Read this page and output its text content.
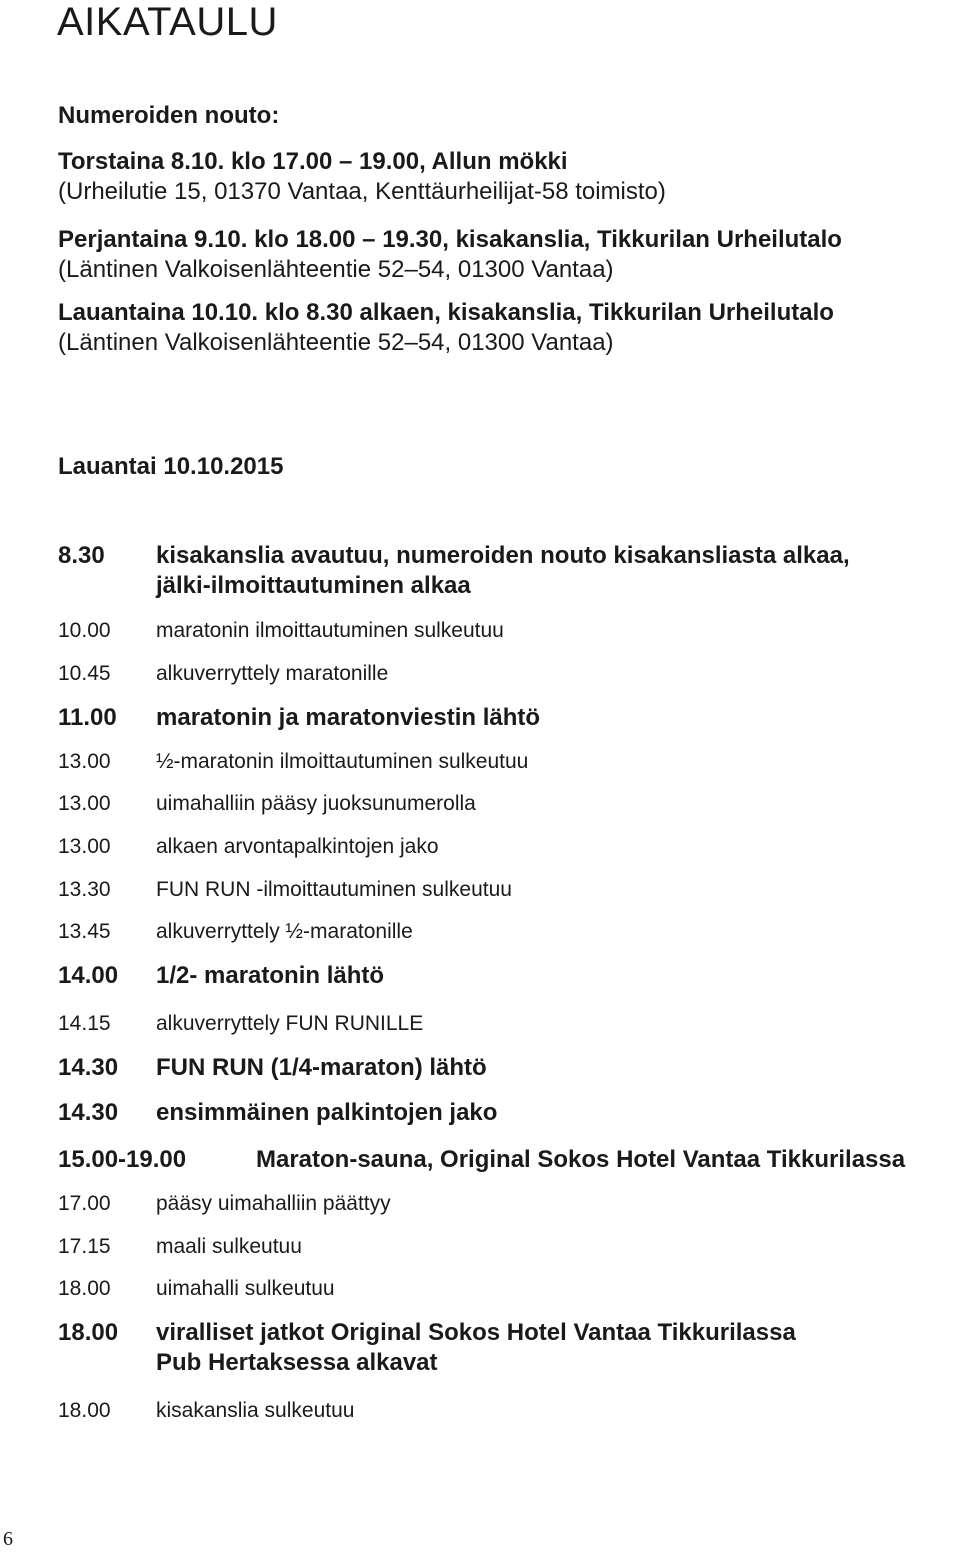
AIKATAULU
Numeroiden nouto:
Torstaina 8.10. klo 17.00 – 19.00, Allun mökki
(Urheilutie 15, 01370 Vantaa, Kenttäurheilijat-58 toimisto)
Perjantaina 9.10. klo 18.00 – 19.30, kisakanslia, Tikkurilan Urheilutalo
(Läntinen Valkoisenlähteentie 52–54, 01300 Vantaa)
Lauantaina 10.10. klo 8.30 alkaen, kisakanslia, Tikkurilan Urheilutalo
(Läntinen Valkoisenlähteentie 52–54, 01300 Vantaa)
Lauantai 10.10.2015
8.30 kisakanslia avautuu, numeroiden nouto kisakansliasta alkaa,
jälki-ilmoittautuminen alkaa
10.00 maratonin ilmoittautuminen sulkeutuu
10.45 alkuverryttely maratonille
11.00 maratonin ja maratonviestin lähtö
13.00 ½-maratonin ilmoittautuminen sulkeutuu
13.00 uimahalliin pääsy juoksunumerolla
13.00 alkaen arvontapalkintojen jako
13.30 FUN RUN -ilmoittautuminen sulkeutuu
13.45 alkuverryttely ½-maratonille
14.00 1/2- maratonin lähtö
14.15 alkuverryttely FUN RUNILLE
14.30 FUN RUN (1/4-maraton) lähtö
14.30 ensimmäinen palkintojen jako
15.00-19.00	Maraton-sauna, Original Sokos Hotel Vantaa Tikkurilassa
17.00 pääsy uimahalliin päättyy
17.15 maali sulkeutuu
18.00 uimahalli sulkeutuu
18.00 viralliset jatkot Original Sokos Hotel Vantaa Tikkurilassa
Pub Hertaksessa alkavat
18.00 kisakanslia sulkeutuu
6
